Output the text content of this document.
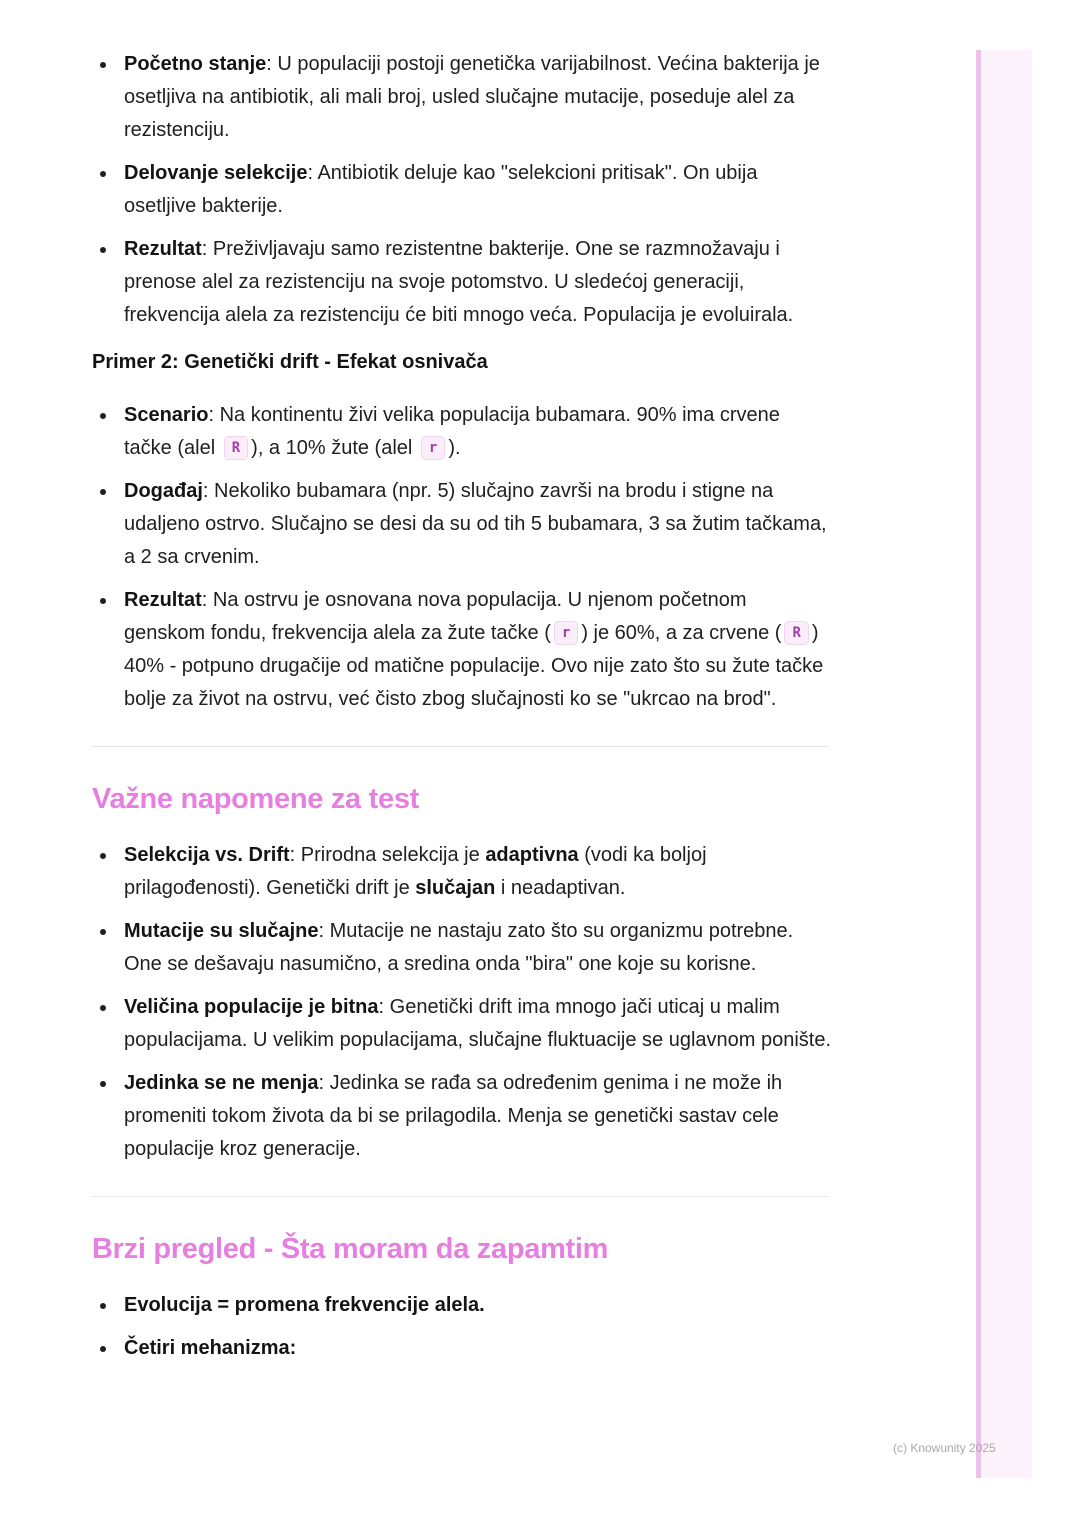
Početno stanje: U populaciji postoji genetička varijabilnost. Većina bakterija je osetljiva na antibiotik, ali mali broj, usled slučajne mutacije, poseduje alel za rezistenciju.
Delovanje selekcije: Antibiotik deluje kao "selekcioni pritisak". On ubija osetljive bakterije.
Rezultat: Preživljavaju samo rezistentne bakterije. One se razmnožavaju i prenose alel za rezistenciju na svoje potomstvo. U sledećoj generaciji, frekvencija alela za rezistenciju će biti mnogo veća. Populacija je evoluirala.
Primer 2: Genetički drift - Efekat osnivača
Scenario: Na kontinentu živi velika populacija bubamara. 90% ima crvene tačke (alel R ), a 10% žute (alel r ).
Događaj: Nekoliko bubamara (npr. 5) slučajno završi na brodu i stigne na udaljeno ostrvo. Slučajno se desi da su od tih 5 bubamara, 3 sa žutim tačkama, a 2 sa crvenim.
Rezultat: Na ostrvu je osnovana nova populacija. U njenom početnom genskom fondu, frekvencija alela za žute tačke ( r ) je 60%, a za crvene ( R ) 40% - potpuno drugačije od matične populacije. Ovo nije zato što su žute tačke bolje za život na ostrvu, već čisto zbog slučajnosti ko se "ukrcao na brod".
Važne napomene za test
Selekcija vs. Drift: Prirodna selekcija je adaptivna (vodi ka boljoj prilagođenosti). Genetički drift je slučajan i neadaptivan.
Mutacije su slučajne: Mutacije ne nastaju zato što su organizmu potrebne. One se dešavaju nasumično, a sredina onda "bira" one koje su korisne.
Veličina populacije je bitna: Genetički drift ima mnogo jači uticaj u malim populacijama. U velikim populacijama, slučajne fluktuacije se uglavnom ponište.
Jedinka se ne menja: Jedinka se rađa sa određenim genima i ne može ih promeniti tokom života da bi se prilagodila. Menja se genetički sastav cele populacije kroz generacije.
Brzi pregled - Šta moram da zapamtim
Evolucija = promena frekvencije alela.
Četiri mehanizma:
(c) Knowunity 2025
